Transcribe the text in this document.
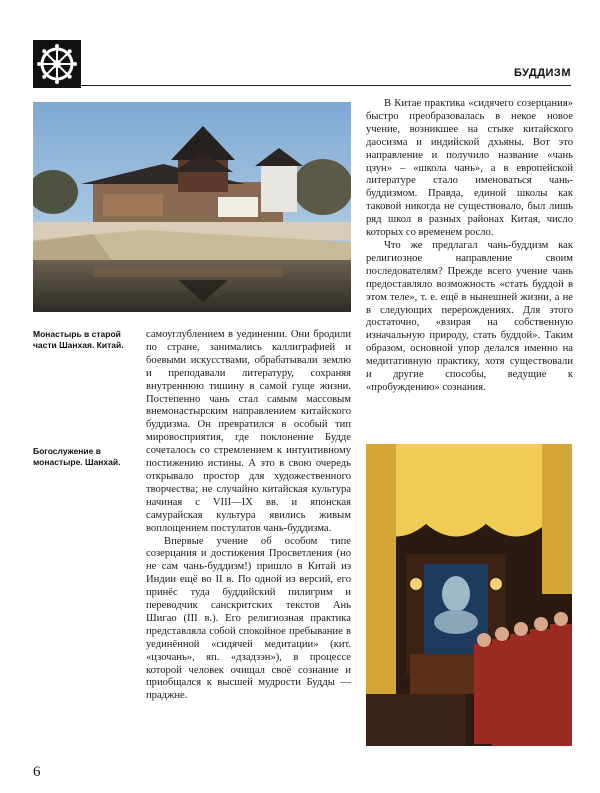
БУДДИЗМ
Монастырь в старой части Шанхая. Китай.
Богослужение в монастыре. Шанхай.

В Китае практика «сидячего созерцания» быстро преобразовалась в некое новое учение, возникшее на стыке китайского даосизма и индийской дхьяны. Вот это направление и получило название «чань цзун» – «школа чань», а в европейской литературе стало именоваться чань-буддизмом. Правда, единой школы как таковой никогда не существовало, был лишь ряд школ в разных районах Китая, число которых со временем росло.

Что же предлагал чань-буддизм как религиозное направление своим последователям? Прежде всего учение чань предоставляло возможность «стать буддой в этом теле», т. е. ещё в нынешней жизни, а не в следующих перерождениях. Для этого достаточно, «взирая на собственную изначальную природу, стать буддой». Таким образом, основной упор делался именно на медитативную практику, хотя существовали и другие способы, ведущие к «пробуждению» сознания.

самоуглублением в уединении. Они бродили по стране, занимались каллиграфией и боевыми искусствами, обрабатывали землю и преподавали литературу, сохраняя внутреннюю тишину в самой гуще жизни. Постепенно чань стал самым массовым внемонастырским направлением китайского буддизма. Он превратился в особый тип мировосприятия, где поклонение Будде сочеталось со стремлением к интуитивному постижению истины. А это в свою очередь открывало простор для художественного творчества; не случайно китайская культура начиная с VIII—IX вв. и японская самурайская культура явились живым воплощением постулатов чань-буддизма.

Впервые учение об особом типе созерцания и достижения Просветления (но не сам чань-буддизм!) пришло в Китай из Индии ещё во II в. По одной из версий, его принёс туда буддийский пилигрим и переводчик санскритских текстов Ань Шигао (III в.). Его религиозная практика представляла собой спокойное пребывание в уединённой «сидячей медитации» (кит. «цзочань», яп. «дзадзэн»), в процессе которой человек очищал своё сознание и приобщался к высшей мудрости Будды — праджне.

6
